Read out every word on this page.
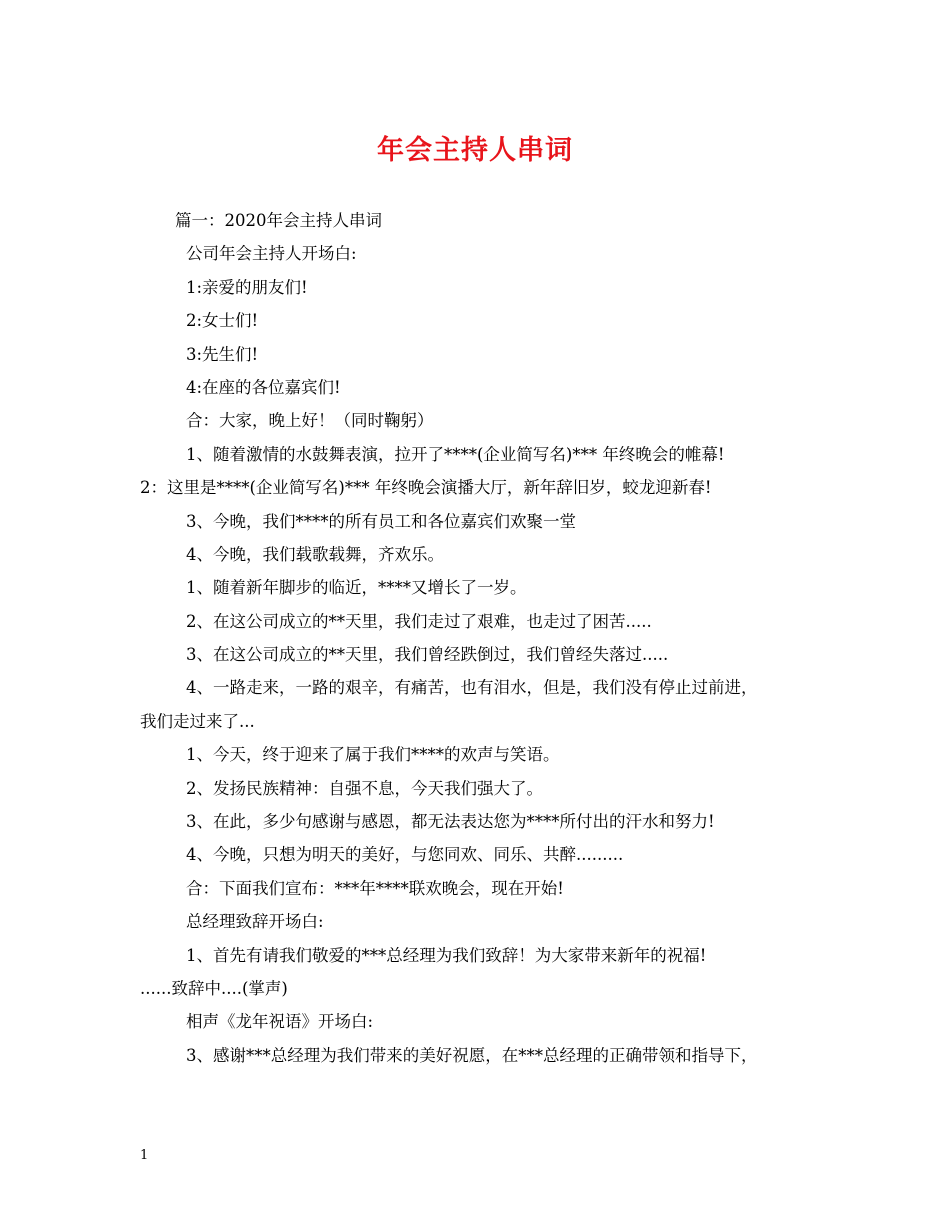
年会主持人串词
篇一：2020年会主持人串词
公司年会主持人开场白:
1:亲爱的朋友们!
2:女士们!
3:先生们!
4:在座的各位嘉宾们!
合：大家，晚上好！（同时鞠躬）
1、随着激情的水鼓舞表演，拉开了****(企业简写名)*** 年终晚会的帷幕!
2：这里是****(企业简写名)*** 年终晚会演播大厅，新年辞旧岁，蛟龙迎新春!
3、今晚，我们****的所有员工和各位嘉宾们欢聚一堂
4、今晚，我们载歌载舞，齐欢乐。
1、随着新年脚步的临近，****又增长了一岁。
2、在这公司成立的**天里，我们走过了艰难，也走过了困苦.....
3、在这公司成立的**天里，我们曾经跌倒过，我们曾经失落过.....
4、一路走来，一路的艰辛，有痛苦，也有泪水，但是，我们没有停止过前进，
我们走过来了...
1、今天，终于迎来了属于我们****的欢声与笑语。
2、发扬民族精神：自强不息，今天我们强大了。
3、在此，多少句感谢与感恩，都无法表达您为****所付出的汗水和努力!
4、今晚，只想为明天的美好，与您同欢、同乐、共醉.........
合：下面我们宣布：***年****联欢晚会，现在开始!
总经理致辞开场白:
1、首先有请我们敬爱的***总经理为我们致辞！为大家带来新年的祝福!
......致辞中....(掌声)
相声《龙年祝语》开场白:
3、感谢***总经理为我们带来的美好祝愿，在***总经理的正确带领和指导下，
1
